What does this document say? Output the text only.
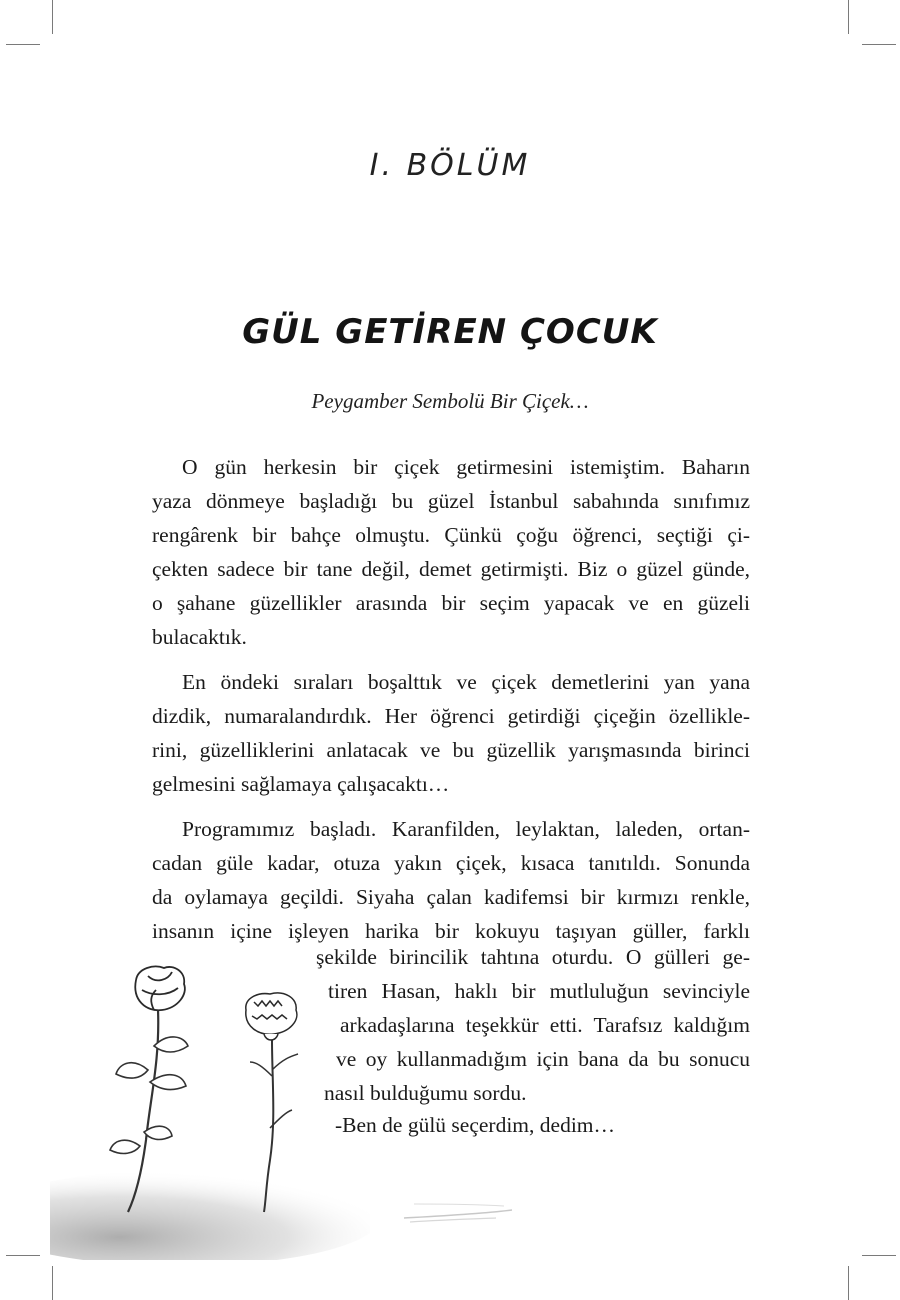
I. BÖLÜM
GÜL GETİREN ÇOCUK
Peygamber Sembolü Bir Çiçek…

O gün herkesin bir çiçek getirmesini istemiştim. Baharın
yaza dönmeye başladığı bu güzel İstanbul sabahında sınıfımız
rengârenk bir bahçe olmuştu. Çünkü çoğu öğrenci, seçtiği çi-
çekten sadece bir tane değil, demet getirmişti. Biz o güzel günde,
o şahane güzellikler arasında bir seçim yapacak ve en güzeli
bulacaktık.

En öndeki sıraları boşalttık ve çiçek demetlerini yan yana
dizdik, numaralandırdık. Her öğrenci getirdiği çiçeğin özellikle-
rini, güzelliklerini anlatacak ve bu güzellik yarışmasında birinci
gelmesini sağlamaya çalışacaktı…

Programımız başladı. Karanfilden, leylaktan, laleden, ortan-
cadan güle kadar, otuza yakın çiçek, kısaca tanıtıldı. Sonunda
da oylamaya geçildi. Siyaha çalan kadifemsi bir kırmızı renkle,
insanın içine işleyen harika bir kokuyu taşıyan güller, farklı

şekilde birincilik tahtına oturdu. O gülleri ge-
tiren Hasan, haklı bir mutluluğun sevinciyle
arkadaşlarına teşekkür etti. Tarafsız kaldığım
ve oy kullanmadığım için bana da bu sonucu
nasıl bulduğumu sordu.

-Ben de gülü seçerdim, dedim…
